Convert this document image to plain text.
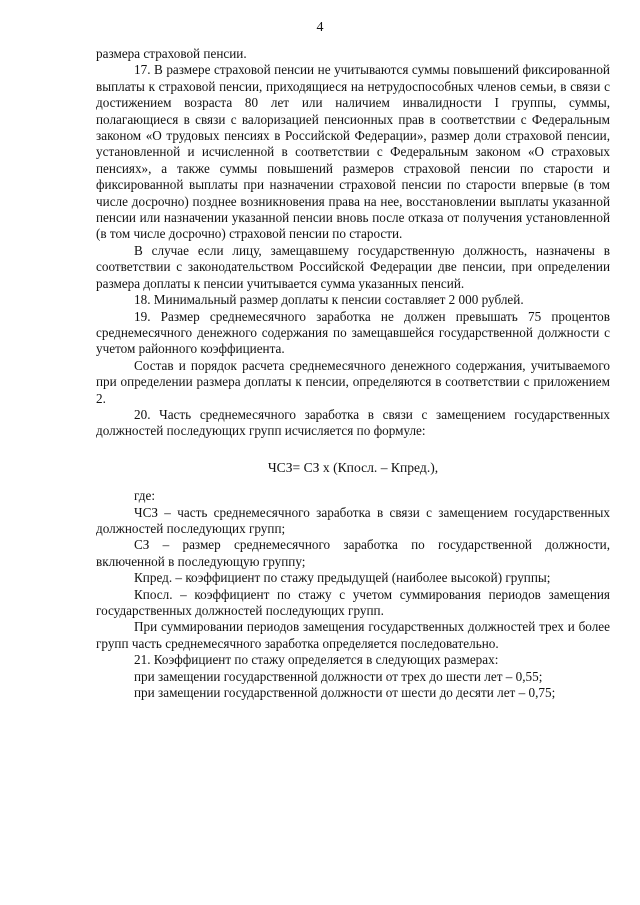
4

размера страховой пенсии.

17. В размере страховой пенсии не учитываются суммы повышений фиксированной выплаты к страховой пенсии, приходящиеся на нетрудоспособных членов семьи, в связи с достижением возраста 80 лет или наличием инвалидности I группы, суммы, полагающиеся в связи с валоризацией пенсионных прав в соответствии с Федеральным законом «О трудовых пенсиях в Российской Федерации», размер доли страховой пенсии, установленной и исчисленной в соответствии с Федеральным законом «О страховых пенсиях», а также суммы повышений размеров страховой пенсии по старости и фиксированной выплаты при назначении страховой пенсии по старости впервые (в том числе досрочно) позднее возникновения права на нее, восстановлении выплаты указанной пенсии или назначении указанной пенсии вновь после отказа от получения установленной (в том числе досрочно) страховой пенсии по старости.

В случае если лицу, замещавшему государственную должность, назначены в соответствии с законодательством Российской Федерации две пенсии, при определении размера доплаты к пенсии учитывается сумма указанных пенсий.

18. Минимальный размер доплаты к пенсии составляет 2 000 рублей.

19. Размер среднемесячного заработка не должен превышать 75 процентов среднемесячного денежного содержания по замещавшейся государственной должности с учетом районного коэффициента.

Состав и порядок расчета среднемесячного денежного содержания, учитываемого при определении размера доплаты к пенсии, определяются в соответствии с приложением 2.

20. Часть среднемесячного заработка в связи с замещением государственных должностей последующих групп исчисляется по формуле:

ЧСЗ= СЗ х (Кпосл. – Кпред.),

где:

ЧСЗ – часть среднемесячного заработка в связи с замещением государственных должностей последующих групп;

СЗ – размер среднемесячного заработка по государственной должности, включенной в последующую группу;

Кпред. – коэффициент по стажу предыдущей (наиболее высокой) группы;

Кпосл. – коэффициент по стажу с учетом суммирования периодов замещения государственных должностей последующих групп.

При суммировании периодов замещения государственных должностей трех и более групп часть среднемесячного заработка определяется последовательно.

21. Коэффициент по стажу определяется в следующих размерах:

при замещении государственной должности от трех до шести лет – 0,55;

при замещении государственной должности от шести до десяти лет – 0,75;
